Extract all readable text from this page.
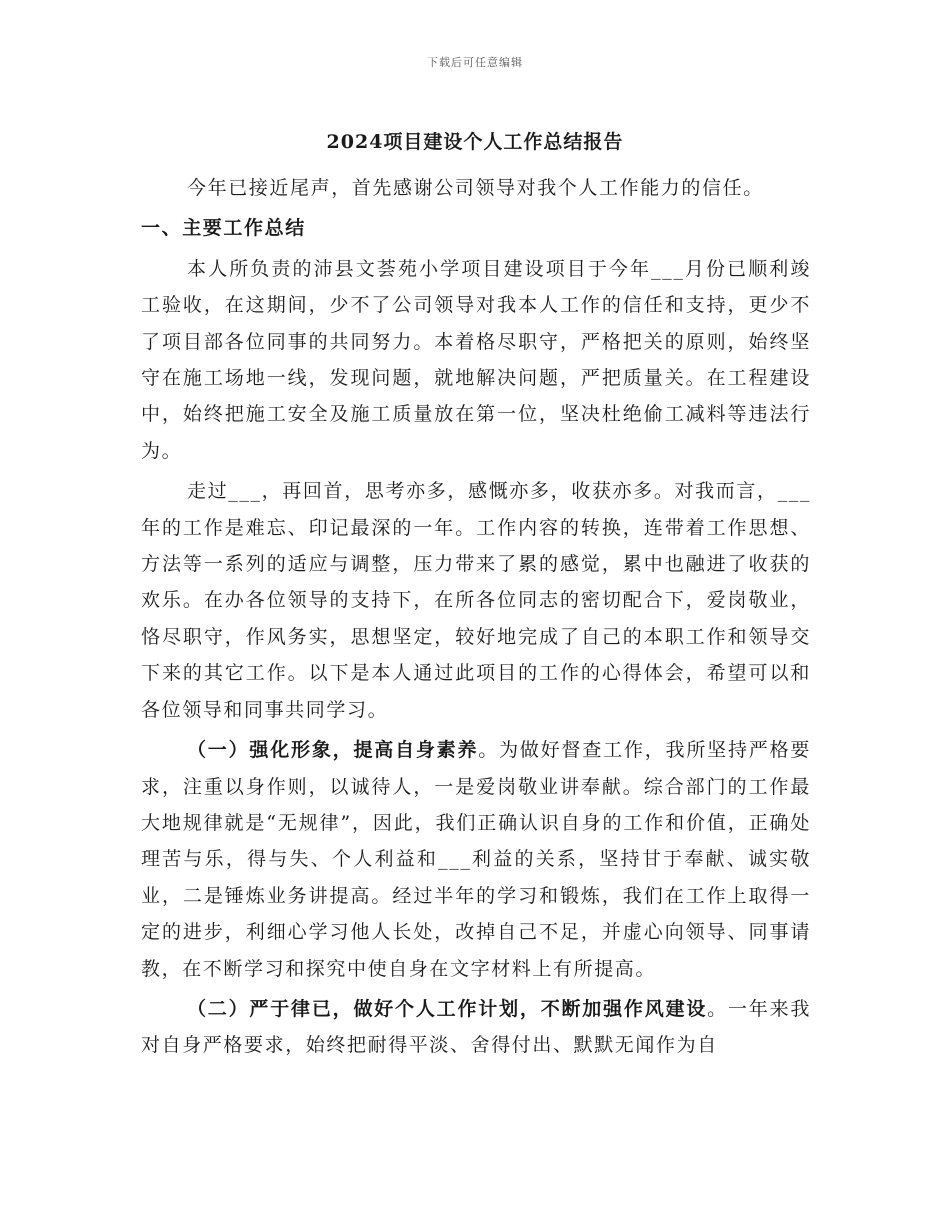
下载后可任意编辑
2024项目建设个人工作总结报告

今年已接近尾声，首先感谢公司领导对我个人工作能力的信任。

一、主要工作总结

本人所负责的沛县文荟苑小学项目建设项目于今年___月份已顺利竣工验收，在这期间，少不了公司领导对我本人工作的信任和支持，更少不了项目部各位同事的共同努力。本着格尽职守，严格把关的原则，始终坚守在施工场地一线，发现问题，就地解决问题，严把质量关。在工程建设中，始终把施工安全及施工质量放在第一位，坚决杜绝偷工减料等违法行为。

走过___，再回首，思考亦多，感慨亦多，收获亦多。对我而言，___年的工作是难忘、印记最深的一年。工作内容的转换，连带着工作思想、方法等一系列的适应与调整，压力带来了累的感觉，累中也融进了收获的欢乐。在办各位领导的支持下，在所各位同志的密切配合下，爱岗敬业，恪尽职守，作风务实，思想坚定，较好地完成了自己的本职工作和领导交下来的其它工作。以下是本人通过此项目的工作的心得体会，希望可以和各位领导和同事共同学习。

（一）强化形象，提高自身素养。为做好督查工作，我所坚持严格要求，注重以身作则，以诚待人，一是爱岗敬业讲奉献。综合部门的工作最大地规律就是“无规律”，因此，我们正确认识自身的工作和价值，正确处理苦与乐，得与失、个人利益和___利益的关系，坚持甘于奉献、诚实敬业，二是锤炼业务讲提高。经过半年的学习和锻炼，我们在工作上取得一定的进步，利细心学习他人长处，改掉自己不足，并虚心向领导、同事请教，在不断学习和探究中使自身在文字材料上有所提高。

（二）严于律已，做好个人工作计划，不断加强作风建设。一年来我对自身严格要求，始终把耐得平淡、舍得付出、默默无闻作为自
